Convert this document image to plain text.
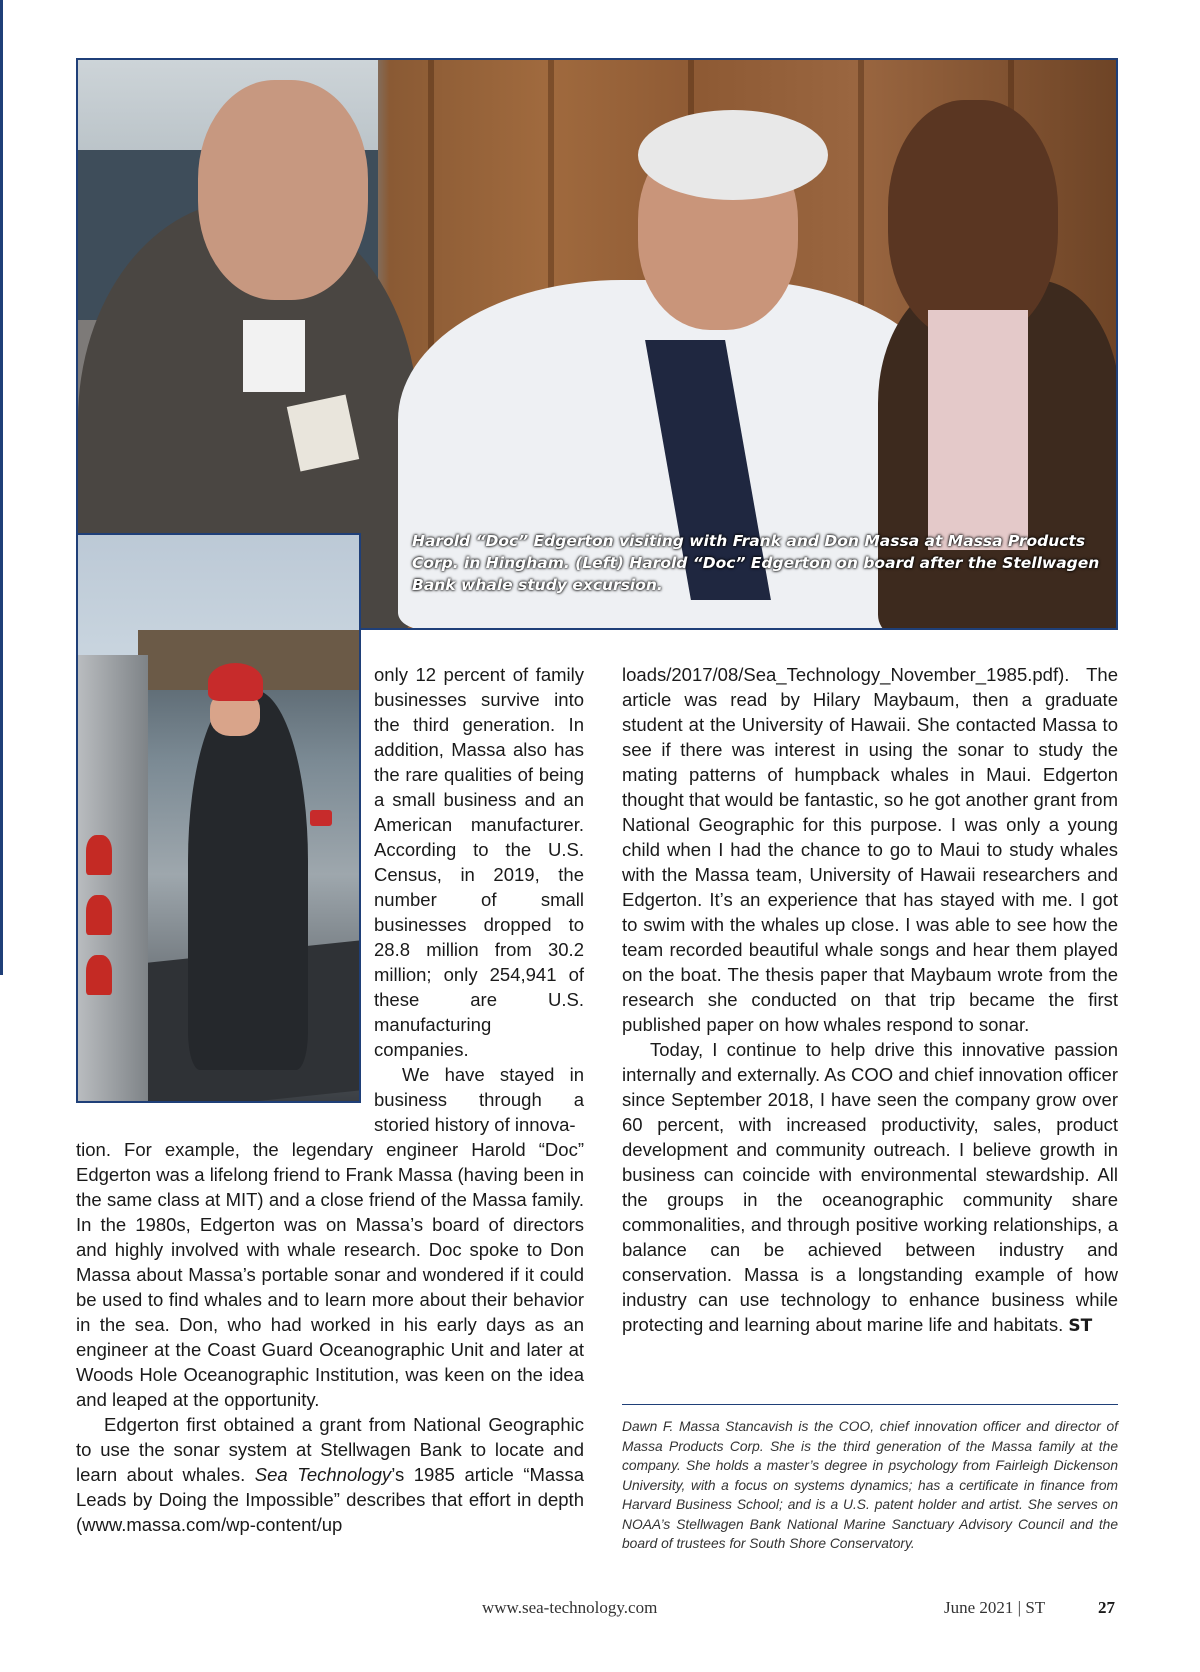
Harold “Doc” Edgerton visiting with Frank and Don Massa at Massa Products Corp. in Hingham. (Left) Harold “Doc” Edgerton on board after the Stellwagen Bank whale study excursion.

only 12 percent of family businesses survive into the third generation. In addition, Massa also has the rare qualities of being a small business and an American manufacturer. According to the U.S. Census, in 2019, the number of small businesses dropped to 28.8 million from 30.2 million; only 254,941 of these are U.S. manufacturing companies.

We have stayed in business through a storied history of innova-

tion. For example, the legendary engineer Harold “Doc” Edgerton was a lifelong friend to Frank Massa (having been in the same class at MIT) and a close friend of the Massa family. In the 1980s, Edgerton was on Massa’s board of directors and highly involved with whale research. Doc spoke to Don Massa about Massa’s portable sonar and wondered if it could be used to find whales and to learn more about their behavior in the sea. Don, who had worked in his early days as an engineer at the Coast Guard Oceanographic Unit and later at Woods Hole Oceanographic Institution, was keen on the idea and leaped at the opportunity.

Edgerton first obtained a grant from National Geographic to use the sonar system at Stellwagen Bank to locate and learn about whales. Sea Technology’s 1985 article “Massa Leads by Doing the Impossible” describes that effort in depth (www.massa.com/wp-content/up

loads/2017/08/Sea_Technology_November_1985.pdf). The article was read by Hilary Maybaum, then a graduate student at the University of Hawaii. She contacted Massa to see if there was interest in using the sonar to study the mating patterns of humpback whales in Maui. Edgerton thought that would be fantastic, so he got another grant from National Geographic for this purpose. I was only a young child when I had the chance to go to Maui to study whales with the Massa team, University of Hawaii researchers and Edgerton. It’s an experience that has stayed with me. I got to swim with the whales up close. I was able to see how the team recorded beautiful whale songs and hear them played on the boat. The thesis paper that Maybaum wrote from the research she conducted on that trip became the first published paper on how whales respond to sonar.

Today, I continue to help drive this innovative passion internally and externally. As COO and chief innovation officer since September 2018, I have seen the company grow over 60 percent, with increased productivity, sales, product development and community outreach. I believe growth in business can coincide with environmental stewardship. All the groups in the oceanographic community share commonalities, and through positive working relationships, a balance can be achieved between industry and conservation. Massa is a longstanding example of how industry can use technology to enhance business while protecting and learning about marine life and habitats. ST

Dawn F. Massa Stancavish is the COO, chief innovation officer and director of Massa Products Corp. She is the third generation of the Massa family at the company. She holds a master’s degree in psychology from Fairleigh Dickenson University, with a focus on systems dynamics; has a certificate in finance from Harvard Business School; and is a U.S. patent holder and artist. She serves on NOAA’s Stellwagen Bank National Marine Sanctuary Advisory Council and the board of trustees for South Shore Conservatory.
www.sea-technology.com	June 2021 | ST	27
